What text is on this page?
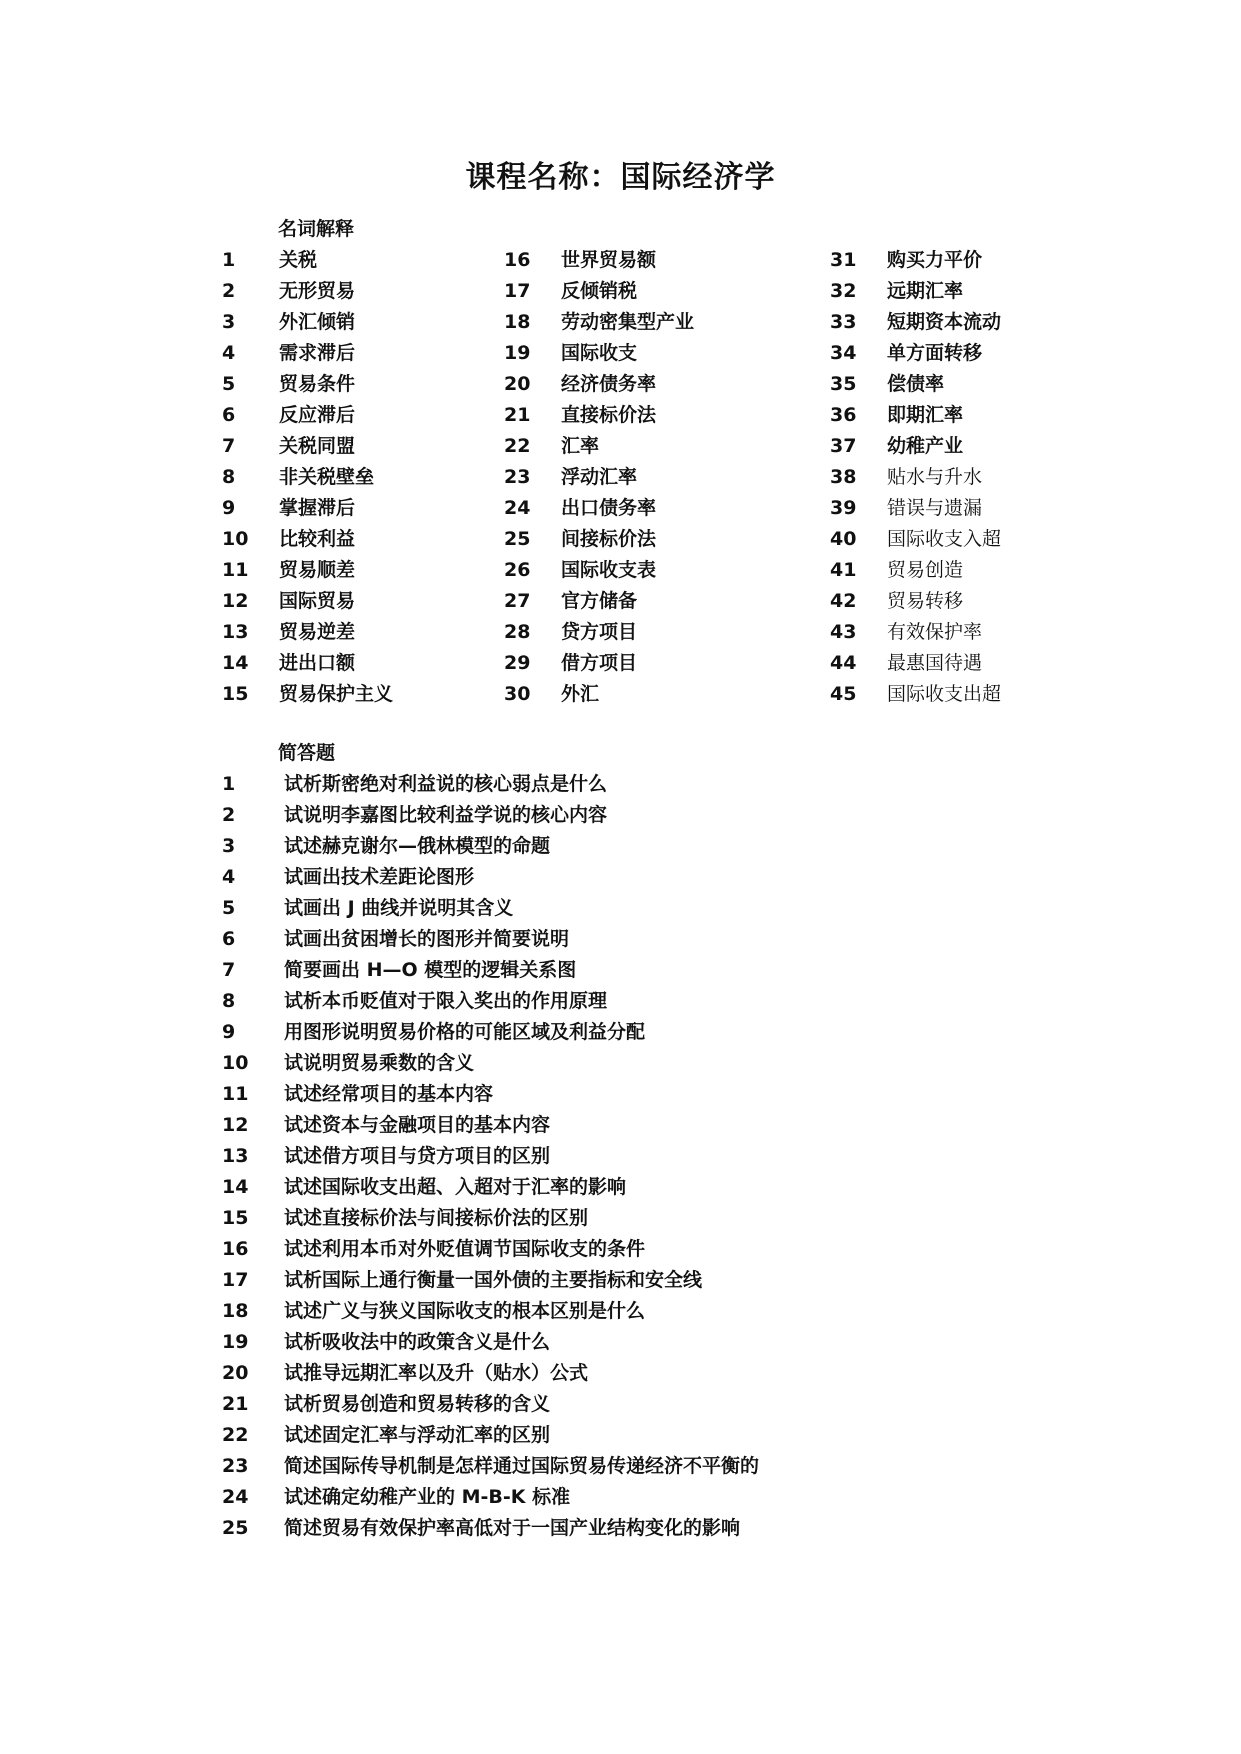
课程名称：国际经济学
名词解释
1 关税
2 无形贸易
3 外汇倾销
4 需求滞后
5 贸易条件
6 反应滞后
7 关税同盟
8 非关税壁垒
9 掌握滞后
10 比较利益
11 贸易顺差
12 国际贸易
13 贸易逆差
14 进出口额
15 贸易保护主义
16 世界贸易额
17 反倾销税
18 劳动密集型产业
19 国际收支
20 经济债务率
21 直接标价法
22 汇率
23 浮动汇率
24 出口债务率
25 间接标价法
26 国际收支表
27 官方储备
28 贷方项目
29 借方项目
30 外汇
31 购买力平价
32 远期汇率
33 短期资本流动
34 单方面转移
35 偿债率
36 即期汇率
37 幼稚产业
38 贴水与升水
39 错误与遗漏
40 国际收支入超
41 贸易创造
42 贸易转移
43 有效保护率
44 最惠国待遇
45 国际收支出超
简答题
1	试析斯密绝对利益说的核心弱点是什么
2	试说明李嘉图比较利益学说的核心内容
3	试述赫克谢尔—俄林模型的命题
4	试画出技术差距论图形
5	试画出 J 曲线并说明其含义
6	试画出贫困增长的图形并简要说明
7	简要画出 H—O 模型的逻辑关系图
8	试析本币贬值对于限入奖出的作用原理
9	用图形说明贸易价格的可能区域及利益分配
10 试说明贸易乘数的含义
11 试述经常项目的基本内容
12 试述资本与金融项目的基本内容
13 试述借方项目与贷方项目的区别
14 试述国际收支出超、入超对于汇率的影响
15 试述直接标价法与间接标价法的区别
16 试述利用本币对外贬值调节国际收支的条件
17 试析国际上通行衡量一国外债的主要指标和安全线
18 试述广义与狭义国际收支的根本区别是什么
19 试析吸收法中的政策含义是什么
20 试推导远期汇率以及升（贴水）公式
21 试析贸易创造和贸易转移的含义
22 试述固定汇率与浮动汇率的区别
23 简述国际传导机制是怎样通过国际贸易传递经济不平衡的
24 试述确定幼稚产业的 M-B-K 标准
25 简述贸易有效保护率高低对于一国产业结构变化的影响
